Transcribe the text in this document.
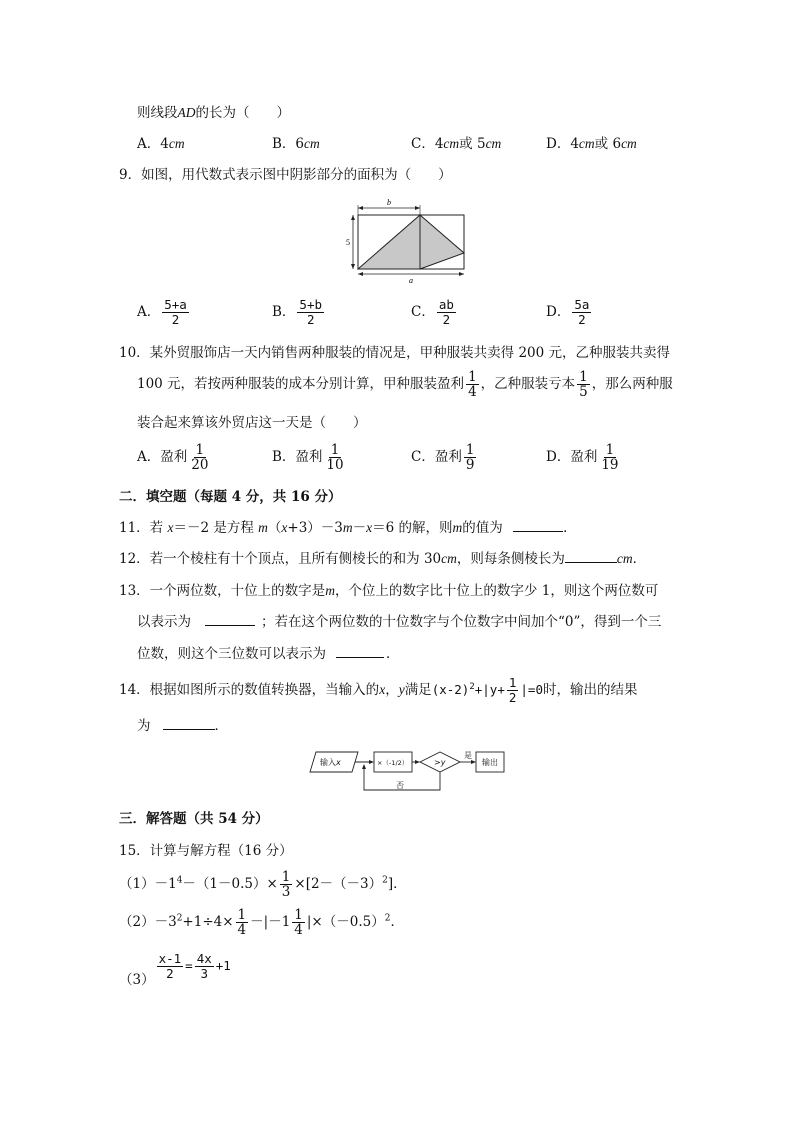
则线段AD的长为（　　）
A．4cm	B．6cm	C．4cm或 5cm	D．4cm或 6cm
9．如图，用代数式表示图中阴影部分的面积为（　　）
b
5
a
A． $\frac{5+a}{2}$	B． $\frac{5+b}{2}$	C． $\frac{ab}{2}$	D． $\frac{5a}{2}$
10．某外贸服饰店一天内销售两种服装的情况是，甲种服装共卖得 200 元，乙种服装共卖得
100 元，若按两种服装的成本分别计算，甲种服装盈利 $\frac{1}{4}$ ，乙种服装亏本 $\frac{1}{5}$ ，那么两种服
装合起来算该外贸店这一天是（　　）
A．盈利 $\frac{1}{20}$	B．盈利 $\frac{1}{10}$	C．盈利 $\frac{1}{9}$	D．盈利 $\frac{1}{19}$
二．填空题（每题 4 分，共 16 分）
11．若 x＝－2 是方程 m（x+3）－3m－x＝6 的解，则m的值为	．
12．若一个棱柱有十个顶点，且所有侧棱长的和为 30cm，则每条侧棱长为	cm．
13．一个两位数，十位上的数字是m，个位上的数字比十位上的数字少 1，则这个两位数可
以表示为	；若在这个两位数的十位数字与个位数字中间加个“0”，得到一个三
位数，则这个三位数可以表示为	．
14．根据如图所示的数值转换器，当输入的x，y满足$(x-2)^2+|y+ \frac{1}{2} |=0$时，输出的结果
为	．
输入x	×（-1/2）	>y
是
输出
否
三．解答题（共 54 分）
15．计算与解方程（16 分）
$(1)-1^4-(1-0.5)\times \frac{1}{3} \times[2-(-3)^2]$．
$(2)-3^2+1\div 4\times \frac{1}{4} -|-1 \frac{1}{4} |\times(-0.5)^2$．
$(3) \frac{x-1}{2} = \frac{4x}{3} +1$
